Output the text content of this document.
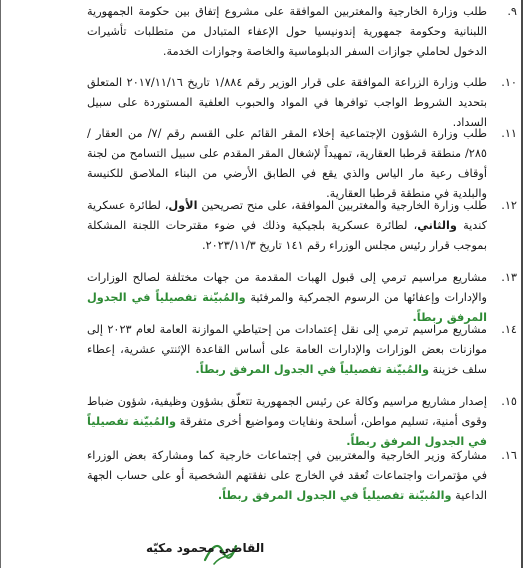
٩.
طلب وزارة الخارجية والمغتربين الموافقة على مشروع إتفاق بين حكومة الجمهورية اللبنانية وحكومة جمهورية إندونيسيا حول الإعفاء المتبادل من متطلبات تأشيرات الدخول لحاملي جوازات السفر الدبلوماسية والخاصة وجوازات الخدمة.
١٠.
طلب وزارة الزراعة الموافقة على قرار الوزير رقم ١/٨٨٤ تاريخ ٢٠١٧/١١/١٦ المتعلق بتحديد الشروط الواجب توافرها في المواد والحبوب العلفية المستوردة على سبيل السداد.
١١.
طلب وزارة الشؤون الإجتماعية إخلاء المقر القائم على القسم رقم /٧/ من العقار /٢٨٥/ منطقة قرطبا العقارية، تمهيداً لإشغال المقر المقدم على سبيل التسامح من لجنة أوقاف رعية مار الياس والذي يقع في الطابق الأرضي من البناء الملاصق للكنيسة والبلدية في منطقة قرطبا العقارية.
١٢.
طلب وزارة الخارجية والمغتربين الموافقة، على منح تصريحين الأول، لطائرة عسكرية كندية والثاني، لطائرة عسكرية بلجيكية وذلك في ضوء مقترحات اللجنة المشكلة بموجب قرار رئيس مجلس الوزراء رقم ١٤١ تاريخ ٢٠٢٣/١١/٣.
١٣.
مشاريع مراسيم ترمي إلى قبول الهبات المقدمة من جهات مختلفة لصالح الوزارات والإدارات وإعفائها من الرسوم الجمركية والمرفئية والمُبيّنة تفصيلياً في الجدول المرفق ربطاً.
١٤.
مشاريع مراسيم ترمي إلى نقل إعتمادات من إحتياطي الموازنة العامة لعام ٢٠٢٣ إلى موازنات بعض الوزارات والإدارات العامة على أساس القاعدة الإثنتي عشرية، إعطاء سلف خزينة والمُبيّنة تفصيلياً في الجدول المرفق ربطاً.
١٥.
إصدار مشاريع مراسيم وكالة عن رئيس الجمهورية تتعلّق بشؤون وظيفية، شؤون ضباط وقوى أمنية، تسليم مواطن، أسلحة ونفايات ومواضيع أخرى متفرقة والمُبيّنة تفصيلياً في الجدول المرفق ربطاً.
١٦.
مشاركة وزير الخارجية والمغتربين في إجتماعات خارجية كما ومشاركة بعض الوزراء في مؤتمرات واجتماعات تُعقد في الخارج على نفقتهم الشخصية أو على حساب الجهة الداعية والمُبيّنة تفصيلياً في الجدول المرفق ربطاً.
القاضي محمود مكيّه
